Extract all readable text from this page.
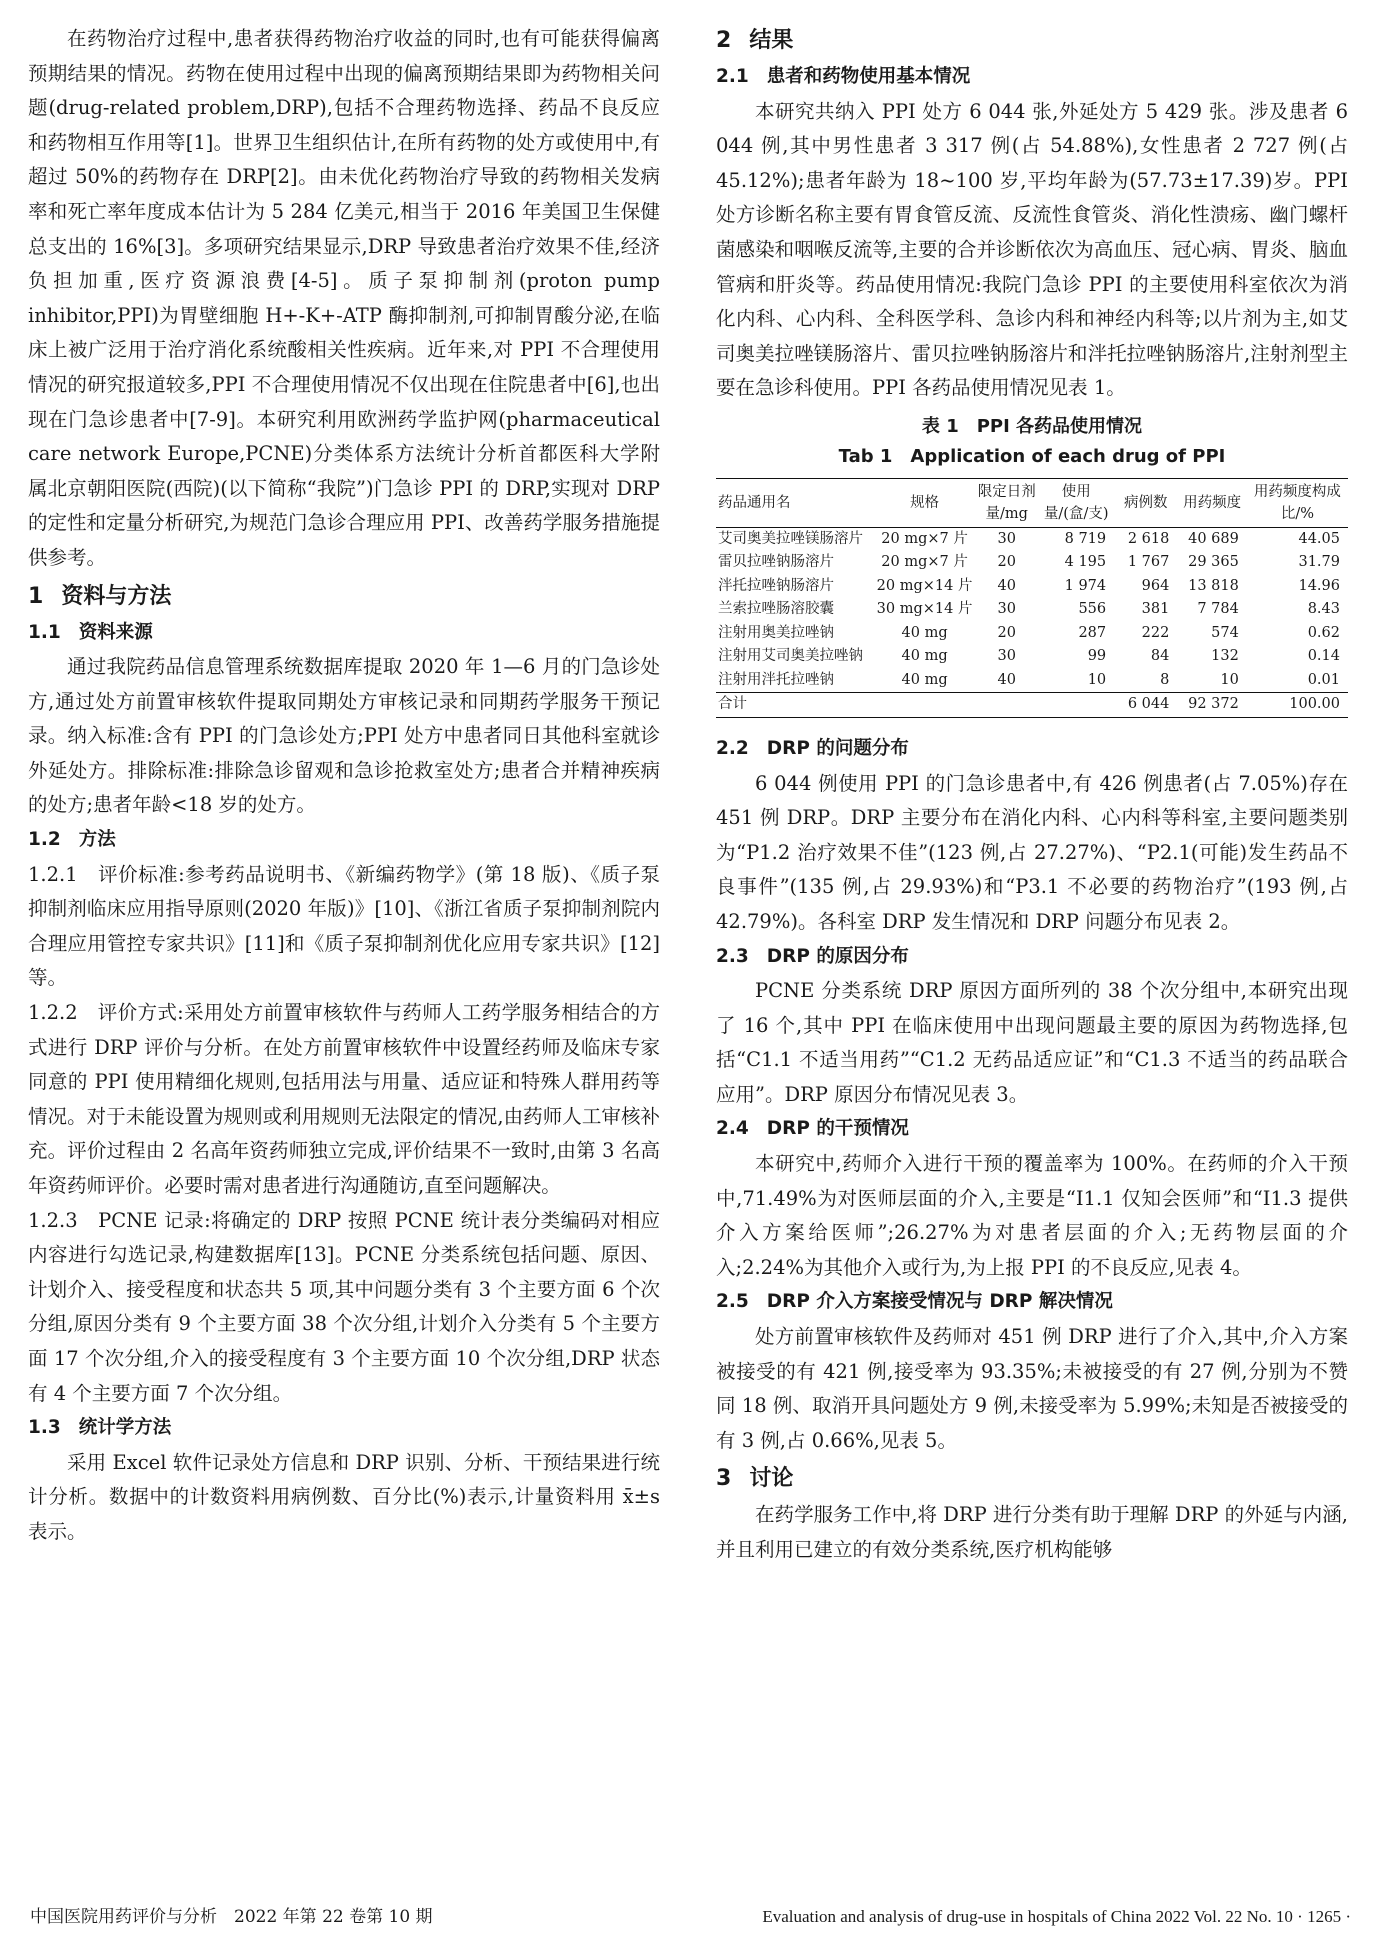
在药物治疗过程中,患者获得药物治疗收益的同时,也有可能获得偏离预期结果的情况。药物在使用过程中出现的偏离预期结果即为药物相关问题(drug-related problem,DRP),包括不合理药物选择、药品不良反应和药物相互作用等[1]。世界卫生组织估计,在所有药物的处方或使用中,有超过 50%的药物存在 DRP[2]。由未优化药物治疗导致的药物相关发病率和死亡率年度成本估计为 5 284 亿美元,相当于 2016 年美国卫生保健总支出的 16%[3]。多项研究结果显示,DRP 导致患者治疗效果不佳,经济负担加重,医疗资源浪费[4-5]。质子泵抑制剂(proton pump inhibitor,PPI)为胃壁细胞 H+-K+-ATP 酶抑制剂,可抑制胃酸分泌,在临床上被广泛用于治疗消化系统酸相关性疾病。近年来,对 PPI 不合理使用情况的研究报道较多,PPI 不合理使用情况不仅出现在住院患者中[6],也出现在门急诊患者中[7-9]。本研究利用欧洲药学监护网(pharmaceutical care network Europe,PCNE)分类体系方法统计分析首都医科大学附属北京朝阳医院(西院)(以下简称“我院”)门急诊 PPI 的 DRP,实现对 DRP 的定性和定量分析研究,为规范门急诊合理应用 PPI、改善药学服务措施提供参考。

1 资料与方法
1.1 资料来源

通过我院药品信息管理系统数据库提取 2020 年 1—6 月的门急诊处方,通过处方前置审核软件提取同期处方审核记录和同期药学服务干预记录。纳入标准:含有 PPI 的门急诊处方;PPI 处方中患者同日其他科室就诊外延处方。排除标准:排除急诊留观和急诊抢救室处方;患者合并精神疾病的处方;患者年龄<18 岁的处方。

1.2 方法

1.2.1　评价标准:参考药品说明书、《新编药物学》(第 18 版)、《质子泵抑制剂临床应用指导原则(2020 年版)》[10]、《浙江省质子泵抑制剂院内合理应用管控专家共识》[11]和《质子泵抑制剂优化应用专家共识》[12]等。

1.2.2　评价方式:采用处方前置审核软件与药师人工药学服务相结合的方式进行 DRP 评价与分析。在处方前置审核软件中设置经药师及临床专家同意的 PPI 使用精细化规则,包括用法与用量、适应证和特殊人群用药等情况。对于未能设置为规则或利用规则无法限定的情况,由药师人工审核补充。评价过程由 2 名高年资药师独立完成,评价结果不一致时,由第 3 名高年资药师评价。必要时需对患者进行沟通随访,直至问题解决。

1.2.3　PCNE 记录:将确定的 DRP 按照 PCNE 统计表分类编码对相应内容进行勾选记录,构建数据库[13]。PCNE 分类系统包括问题、原因、计划介入、接受程度和状态共 5 项,其中问题分类有 3 个主要方面 6 个次分组,原因分类有 9 个主要方面 38 个次分组,计划介入分类有 5 个主要方面 17 个次分组,介入的接受程度有 3 个主要方面 10 个次分组,DRP 状态有 4 个主要方面 7 个次分组。

1.3 统计学方法

采用 Excel 软件记录处方信息和 DRP 识别、分析、干预结果进行统计分析。数据中的计数资料用病例数、百分比(%)表示,计量资料用 x̄±s 表示。

2 结果
2.1 患者和药物使用基本情况

本研究共纳入 PPI 处方 6 044 张,外延处方 5 429 张。涉及患者 6 044 例,其中男性患者 3 317 例(占 54.88%),女性患者 2 727 例(占 45.12%);患者年龄为 18~100 岁,平均年龄为(57.73±17.39)岁。PPI 处方诊断名称主要有胃食管反流、反流性食管炎、消化性溃疡、幽门螺杆菌感染和咽喉反流等,主要的合并诊断依次为高血压、冠心病、胃炎、脑血管病和肝炎等。药品使用情况:我院门急诊 PPI 的主要使用科室依次为消化内科、心内科、全科医学科、急诊内科和神经内科等;以片剂为主,如艾司奥美拉唑镁肠溶片、雷贝拉唑钠肠溶片和泮托拉唑钠肠溶片,注射剂型主要在急诊科使用。PPI 各药品使用情况见表 1。

表 1　PPI 各药品使用情况
Tab 1　Application of each drug of PPI
药品通用名	规格	限定日剂量/mg	使用量/(盒/支)	病例数	用药频度	用药频度构成比/%
艾司奥美拉唑镁肠溶片	20 mg×7 片	30	8 719	2 618	40 689	44.05
雷贝拉唑钠肠溶片	20 mg×7 片	20	4 195	1 767	29 365	31.79
泮托拉唑钠肠溶片	20 mg×14 片	40	1 974	964	13 818	14.96
兰索拉唑肠溶胶囊	30 mg×14 片	30	556	381	7 784	8.43
注射用奥美拉唑钠	40 mg	20	287	222	574	0.62
注射用艾司奥美拉唑钠	40 mg	30	99	84	132	0.14
注射用泮托拉唑钠	40 mg	40	10	8	10	0.01
合计				6 044	92 372	100.00
2.2 DRP 的问题分布

6 044 例使用 PPI 的门急诊患者中,有 426 例患者(占 7.05%)存在 451 例 DRP。DRP 主要分布在消化内科、心内科等科室,主要问题类别为“P1.2 治疗效果不佳”(123 例,占 27.27%)、“P2.1(可能)发生药品不良事件”(135 例,占 29.93%)和“P3.1 不必要的药物治疗”(193 例,占 42.79%)。各科室 DRP 发生情况和 DRP 问题分布见表 2。

2.3 DRP 的原因分布

PCNE 分类系统 DRP 原因方面所列的 38 个次分组中,本研究出现了 16 个,其中 PPI 在临床使用中出现问题最主要的原因为药物选择,包括“C1.1 不适当用药”“C1.2 无药品适应证”和“C1.3 不适当的药品联合应用”。DRP 原因分布情况见表 3。

2.4 DRP 的干预情况

本研究中,药师介入进行干预的覆盖率为 100%。在药师的介入干预中,71.49%为对医师层面的介入,主要是“I1.1 仅知会医师”和“I1.3 提供介入方案给医师”;26.27%为对患者层面的介入;无药物层面的介入;2.24%为其他介入或行为,为上报 PPI 的不良反应,见表 4。

2.5 DRP 介入方案接受情况与 DRP 解决情况

处方前置审核软件及药师对 451 例 DRP 进行了介入,其中,介入方案被接受的有 421 例,接受率为 93.35%;未被接受的有 27 例,分别为不赞同 18 例、取消开具问题处方 9 例,未接受率为 5.99%;未知是否被接受的有 3 例,占 0.66%,见表 5。

3 讨论

在药学服务工作中,将 DRP 进行分类有助于理解 DRP 的外延与内涵,并且利用已建立的有效分类系统,医疗机构能够

中国医院用药评价与分析　2022 年第 22 卷第 10 期	Evaluation and analysis of drug-use in hospitals of China 2022 Vol. 22 No. 10 · 1265 ·
